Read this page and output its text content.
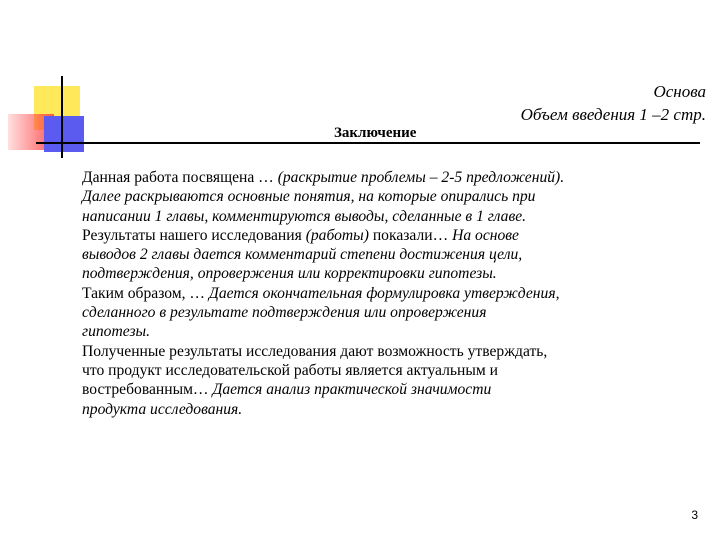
Основа
Объем введения 1 –2 стр.
Заключение

Данная работа посвящена … (раскрытие проблемы – 2-5 предложений).

Далее раскрываются основные понятия, на которые опирались при
написании 1 главы, комментируются выводы, сделанные в 1 главе.

Результаты нашего исследования (работы) показали… На основе
выводов 2 главы дается комментарий степени достижения цели,
подтверждения, опровержения или корректировки гипотезы.

Таким образом, … Дается окончательная формулировка утверждения,
сделанного в результате подтверждения или опровержения
гипотезы.

Полученные результаты исследования дают возможность утверждать,
что продукт исследовательской работы является актуальным и
востребованным… Дается анализ практической значимости
продукта исследования.

3
